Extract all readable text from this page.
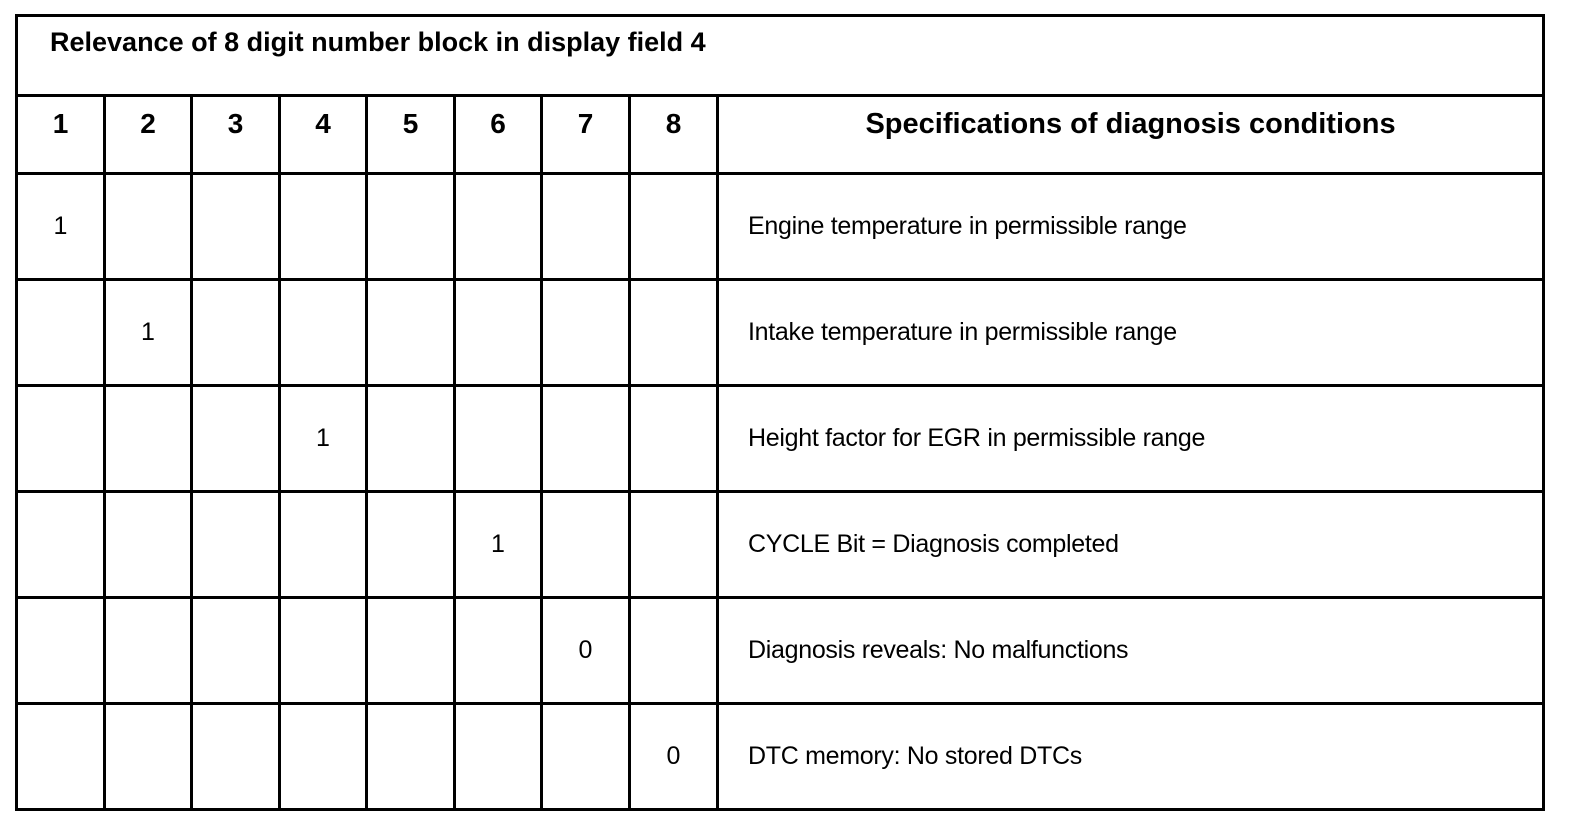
Relevance of 8 digit number block in display field 4								
1	2	3	4	5	6	7	8	Specifications of diagnosis conditions
1								Engine temperature in permissible range
	1							Intake temperature in permissible range
			1					Height factor for EGR in permissible range
					1			CYCLE Bit = Diagnosis completed
						0		Diagnosis reveals: No malfunctions
							0	DTC memory: No stored DTCs
